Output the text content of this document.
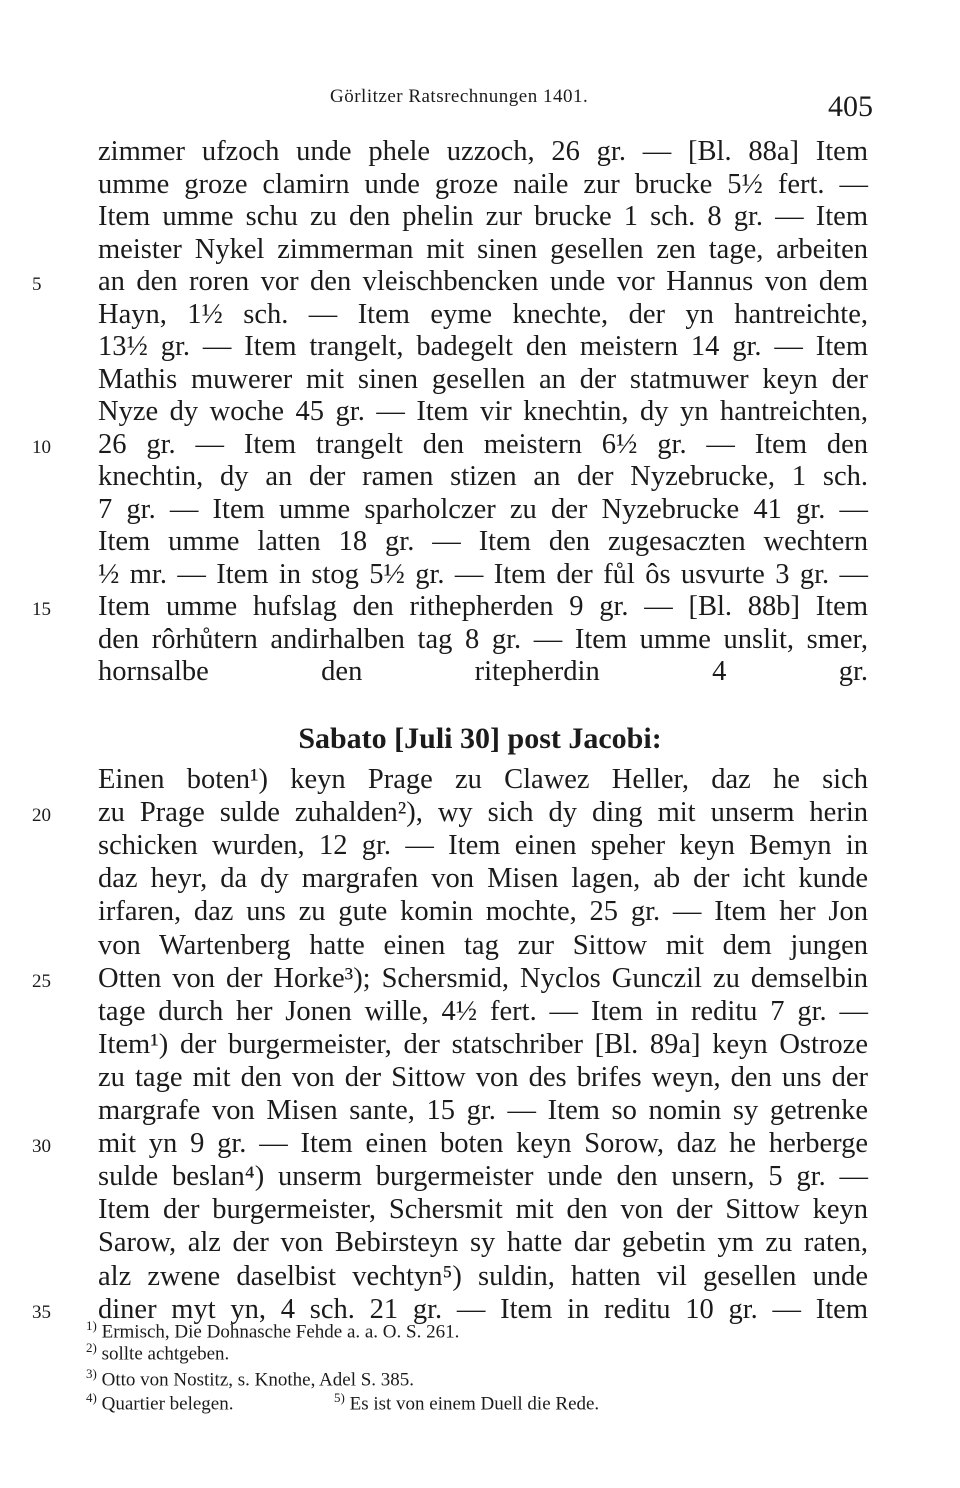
Görlitzer Ratsrechnungen 1401.	405
zimmer ufzoch unde phele uzzoch, 26 gr. — [Bl. 88a] Item
umme groze clamirn unde groze naile zur brucke 5½ fert. —
Item umme schu zu den phelin zur brucke 1 sch. 8 gr. — Item
meister Nykel zimmerman mit sinen gesellen zen tage, arbeiten
5	an den roren vor den vleischbencken unde vor Hannus von dem
Hayn, 1½ sch. — Item eyme knechte, der yn hantreichte,
13½ gr. — Item trangelt, badegelt den meistern 14 gr. — Item
Mathis muwerer mit sinen gesellen an der statmuwer keyn der
Nyze dy woche 45 gr. — Item vir knechtin, dy yn hantreichten,
10	26 gr. — Item trangelt den meistern 6½ gr. — Item den
knechtin, dy an der ramen stizen an der Nyzebrucke, 1 sch.
7 gr. — Item umme sparholczer zu der Nyzebrucke 41 gr. —
Item umme latten 18 gr. — Item den zugesaczten wechtern
½ mr. — Item in stog 5½ gr. — Item der fůl ôs usvurte 3 gr. —
15	Item umme hufslag den rithepherden 9 gr. — [Bl. 88b] Item
den rôrhůtern andirhalben tag 8 gr. — Item umme unslit, smer,
hornsalbe den ritepherdin 4 gr.
Sabato [Juli 30] post Jacobi:
Einen boten¹) keyn Prage zu Clawez Heller, daz he sich
20	zu Prage sulde zuhalden²), wy sich dy ding mit unserm herin
schicken wurden, 12 gr. — Item einen speher keyn Bemyn in
daz heyr, da dy margrafen von Misen lagen, ab der icht kunde
irfaren, daz uns zu gute komin mochte, 25 gr. — Item her Jon
von Wartenberg hatte einen tag zur Sittow mit dem jungen
25	Otten von der Horke³); Schersmid, Nyclos Gunczil zu demselbin
tage durch her Jonen wille, 4½ fert. — Item in reditu 7 gr. —
Item¹) der burgermeister, der statschriber [Bl. 89a] keyn Ostroze
zu tage mit den von der Sittow von des brifes weyn, den uns der
margrafe von Misen sante, 15 gr. — Item so nomin sy getrenke
30	mit yn 9 gr. — Item einen boten keyn Sorow, daz he herberge
sulde beslan⁴) unserm burgermeister unde den unsern, 5 gr. —
Item der burgermeister, Schersmit mit den von der Sittow keyn
Sarow, alz der von Bebirsteyn sy hatte dar gebetin ym zu raten,
alz zwene daselbist vechtyn⁵) suldin, hatten vil gesellen unde
35	diner myt yn, 4 sch. 21 gr. — Item in reditu 10 gr. — Item
$^{1)}$ Ermisch, Die Dohnasche Fehde a. a. O. S. 261.
$^{2)}$ sollte achtgeben.
$^{3)}$ Otto von Nostitz, s. Knothe, Adel S. 385.
$^{4)}$ Quartier belegen.	$^{5)}$ Es ist von einem Duell die Rede.
